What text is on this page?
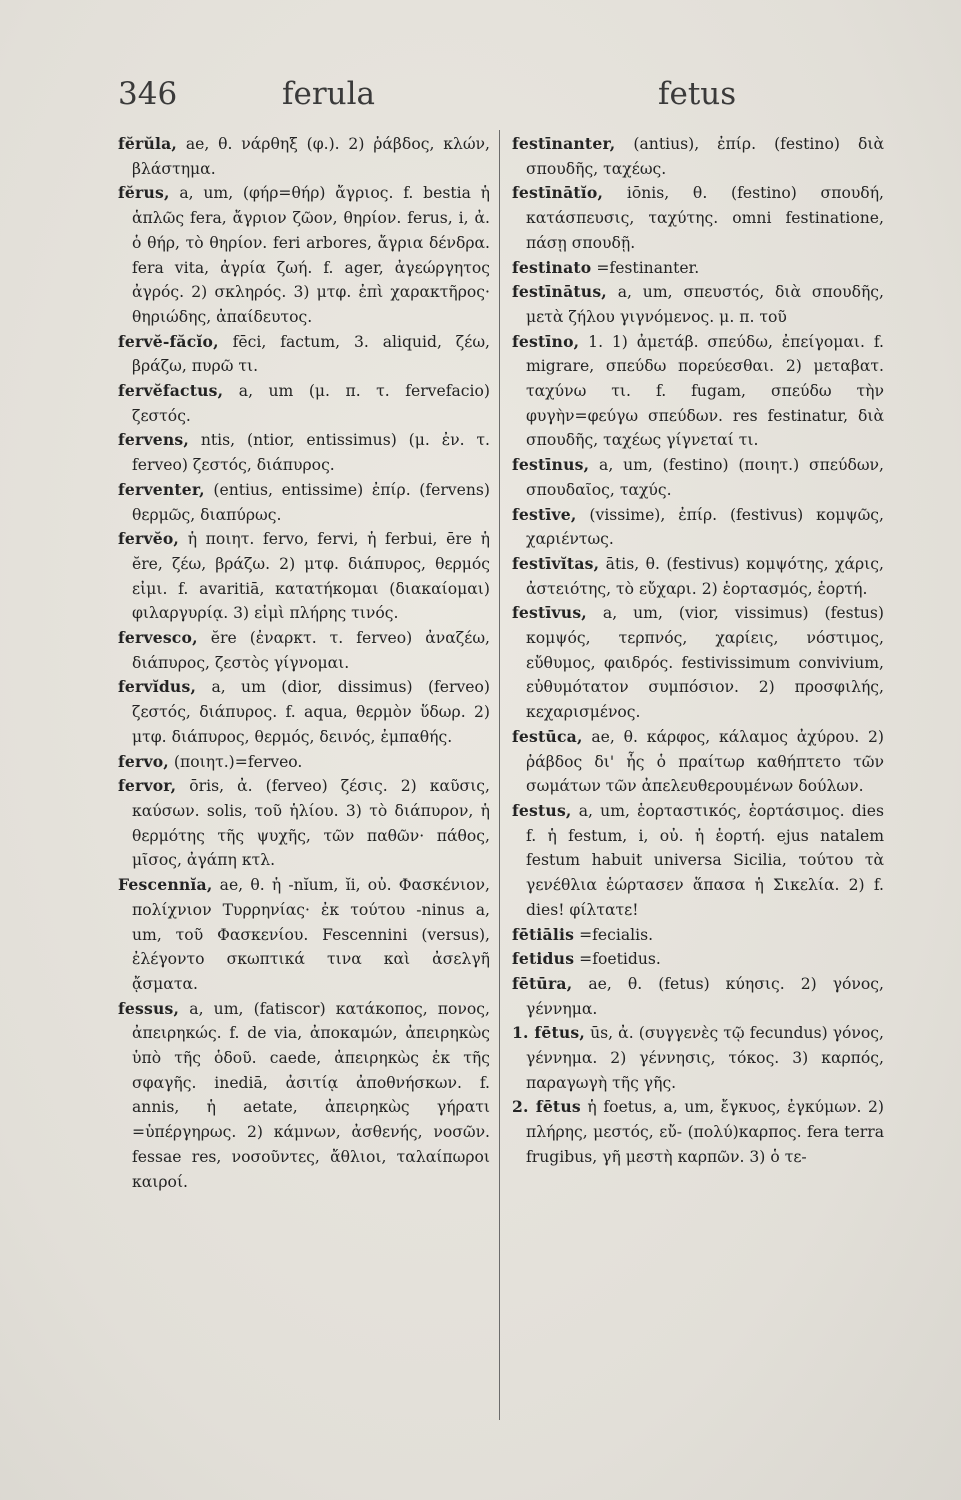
346	ferula	fetus

fĕrŭla, ae, θ. νάρθηξ (φ.). 2) ῥάβδος, κλών, βλάστημα.

fĕrus, a, um, (φήρ=θήρ) ἄγριος. f. bestia ἡ ἁπλῶς fera, ἄγριον ζῶον, θηρίον. ferus, i, ἀ. ὁ θήρ, τὸ θηρίον. feri arbores, ἄγρια δένδρα. fera vita, ἀγρία ζωή. f. ager, ἀγεώργητος ἀγρός. 2) σκληρός. 3) μτφ. ἐπὶ χαρακτῆρος· θηριώδης, ἀπαίδευτος.

fervĕ-făcĭo, fēci, factum, 3. aliquid, ζέω, βράζω, πυρῶ τι.

fervĕfactus, a, um (μ. π. τ. fervefacio) ζεστός.

fervens, ntis, (ntior, entissimus) (μ. ἐν. τ. ferveo) ζεστός, διάπυρος.

ferventer, (entius, entissime) ἐπίρ. (fervens) θερμῶς, διαπύρως.

fervĕo, ἡ ποιητ. fervo, fervi, ἡ ferbui, ēre ἡ ĕre, ζέω, βράζω. 2) μτφ. διάπυρος, θερμός εἰμι. f. avaritiā, κατατήκομαι (διακαίομαι) φιλαργυρίᾳ. 3) εἰμὶ πλήρης τινός.

fervesco, ĕre (ἐναρκτ. τ. ferveo) ἀναζέω, διάπυρος, ζεστὸς γίγνομαι.

fervĭdus, a, um (dior, dissimus) (ferveo) ζεστός, διάπυρος. f. aqua, θερμὸν ὕδωρ. 2) μτφ. διάπυρος, θερμός, δεινός, ἐμπαθής.

fervo, (ποιητ.)=ferveo.

fervor, ōris, ἀ. (ferveo) ζέσις. 2) καῦσις, καύσων. solis, τοῦ ἡλίου. 3) τὸ διάπυρον, ἡ θερμότης τῆς ψυχῆς, τῶν παθῶν· πάθος, μῖσος, ἀγάπη κτλ.

Fescennĭa, ae, θ. ἡ -nĭum, ĭi, οὐ. Φασκένιον, πολίχνιον Τυρρηνίας· ἐκ τούτου -ninus a, um, τοῦ Φασκενίου. Fescennini (versus), ἐλέγοντο σκωπτικά τινα καὶ ἀσελγῆ ᾄσματα.

fessus, a, um, (fatiscor) κατάκοπος, πονος, ἀπειρηκώς. f. de via, ἀποκαμών, ἀπειρηκὼς ὑπὸ τῆς ὁδοῦ. caede, ἀπειρηκὼς ἐκ τῆς σφαγῆς. inediā, ἀσιτίᾳ ἀποθνήσκων. f. annis, ἡ aetate, ἀπειρηκὼς γήρατι =ὑπέργηρως. 2) κάμνων, ἀσθενής, νοσῶν. fessae res, νοσοῦντες, ἄθλιοι, ταλαίπωροι καιροί.

festīnanter, (antius), ἐπίρ. (festino) διὰ σπουδῆς, ταχέως.

festīnātĭo, iōnis, θ. (festino) σπουδή, κατάσπευσις, ταχύτης. omni festinatione, πάσῃ σπουδῇ.

festinato =festinanter.

festīnātus, a, um, σπευστός, διὰ σπουδῆς, μετὰ ζήλου γιγνόμενος. μ. π. τοῦ

festīno, 1. 1) ἀμετάβ. σπεύδω, ἐπείγομαι. f. migrare, σπεύδω πορεύεσθαι. 2) μεταβατ. ταχύνω τι. f. fugam, σπεύδω τὴν φυγὴν=φεύγω σπεύδων. res festinatur, διὰ σπουδῆς, ταχέως γίγνεταί τι.

festīnus, a, um, (festino) (ποιητ.) σπεύδων, σπουδαῖος, ταχύς.

festīve, (vissime), ἐπίρ. (festivus) κομψῶς, χαριέντως.

festīvĭtas, ātis, θ. (festivus) κομψότης, χάρις, ἀστειότης, τὸ εὔχαρι. 2) ἑορτασμός, ἑορτή.

festīvus, a, um, (vior, vissimus) (festus) κομψός, τερπνός, χαρίεις, νόστιμος, εὔθυμος, φαιδρός. festivissimum convivium, εὐθυμότατον συμπόσιον. 2) προσφιλής, κεχαρισμένος.

festūca, ae, θ. κάρφος, κάλαμος ἀχύρου. 2) ῥάβδος δι' ἧς ὁ πραίτωρ καθήπτετο τῶν σωμάτων τῶν ἀπελευθερουμένων δούλων.

festus, a, um, ἑορταστικός, ἑορτάσιμος. dies f. ἡ festum, i, οὐ. ἡ ἑορτή. ejus natalem festum habuit universa Sicilia, τούτου τὰ γενέθλια ἑώρτασεν ἅπασα ἡ Σικελία. 2) f. dies! φίλτατε!

fētiālis =fecialis.

fetidus =foetidus.

fētūra, ae, θ. (fetus) κύησις. 2) γόνος, γέννημα.

1. fētus, ūs, ἀ. (συγγενὲς τῷ fecundus) γόνος, γέννημα. 2) γέννησις, τόκος. 3) καρπός, παραγωγὴ τῆς γῆς.

2. fētus ἡ foetus, a, um, ἔγκυος, ἐγκύμων. 2) πλήρης, μεστός, εὔ- (πολύ)καρπος. fera terra frugibus, γῆ μεστὴ καρπῶν. 3) ὁ τε-
